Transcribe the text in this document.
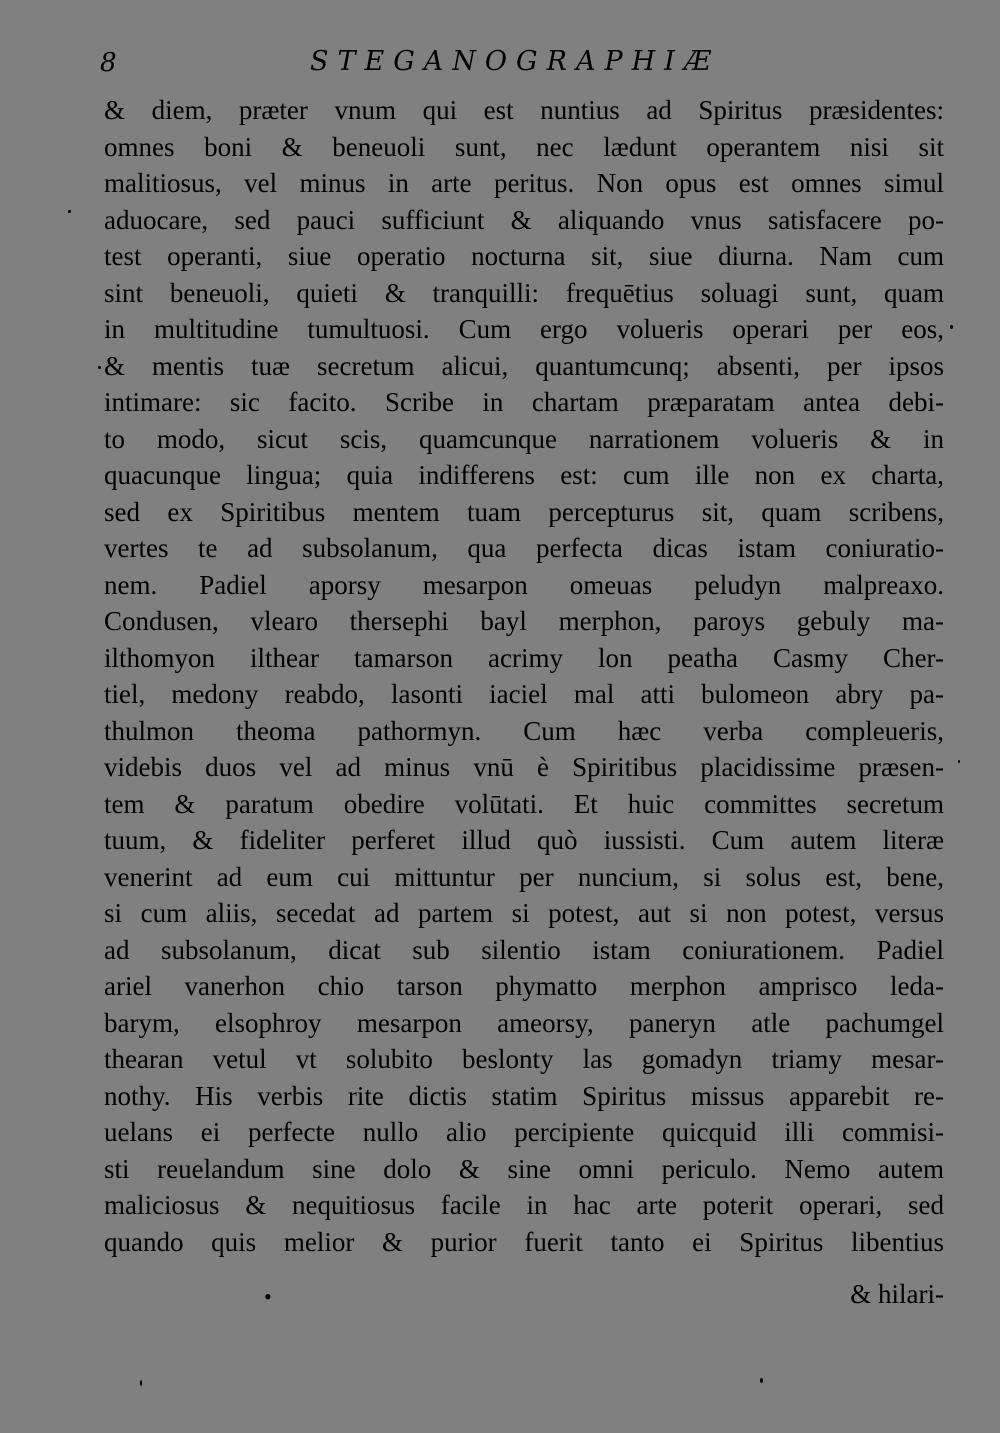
8	STEGANOGRAPHIÆ
& diem, præter vnum qui est nuntius ad Spiritus præsidentes:
omnes boni & beneuoli sunt, nec lædunt operantem nisi sit
malitiosus, vel minus in arte peritus. Non opus est omnes simul
aduocare, sed pauci sufficiunt & aliquando vnus satisfacere po-
test operanti, siue operatio nocturna sit, siue diurna. Nam cum
sint beneuoli, quieti & tranquilli: frequētius soluagi sunt, quam
in multitudine tumultuosi. Cum ergo volueris operari per eos,
& mentis tuæ secretum alicui, quantumcunq; absenti, per ipsos
intimare: sic facito. Scribe in chartam præparatam antea debi-
to modo, sicut scis, quamcunque narrationem volueris & in
quacunque lingua; quia indifferens est: cum ille non ex charta,
sed ex Spiritibus mentem tuam percepturus sit, quam scribens,
vertes te ad subsolanum, qua perfecta dicas istam coniuratio-
nem. Padiel aporsy mesarpon omeuas peludyn malpreaxo.
Condusen, vlearo thersephi bayl merphon, paroys gebuly ma-
ilthomyon ilthear tamarson acrimy lon peatha Casmy Cher-
tiel, medony reabdo, lasonti iaciel mal atti bulomeon abry pa-
thulmon theoma pathormyn. Cum hæc verba compleueris,
videbis duos vel ad minus vnū è Spiritibus placidissime præsen-
tem & paratum obedire volūtati. Et huic committes secretum
tuum, & fideliter perferet illud quò iussisti. Cum autem literæ
venerint ad eum cui mittuntur per nuncium, si solus est, bene,
si cum aliis, secedat ad partem si potest, aut si non potest, versus
ad subsolanum, dicat sub silentio istam coniurationem. Padiel
ariel vanerhon chio tarson phymatto merphon amprisco leda-
barym, elsophroy mesarpon ameorsy, paneryn atle pachumgel
thearan vetul vt solubito beslonty las gomadyn triamy mesar-
nothy. His verbis rite dictis statim Spiritus missus apparebit re-
uelans ei perfecte nullo alio percipiente quicquid illi commisi-
sti reuelandum sine dolo & sine omni periculo. Nemo autem
maliciosus & nequitiosus facile in hac arte poterit operari, sed
quando quis melior & purior fuerit tanto ei Spiritus libentius
•	& hilari-
